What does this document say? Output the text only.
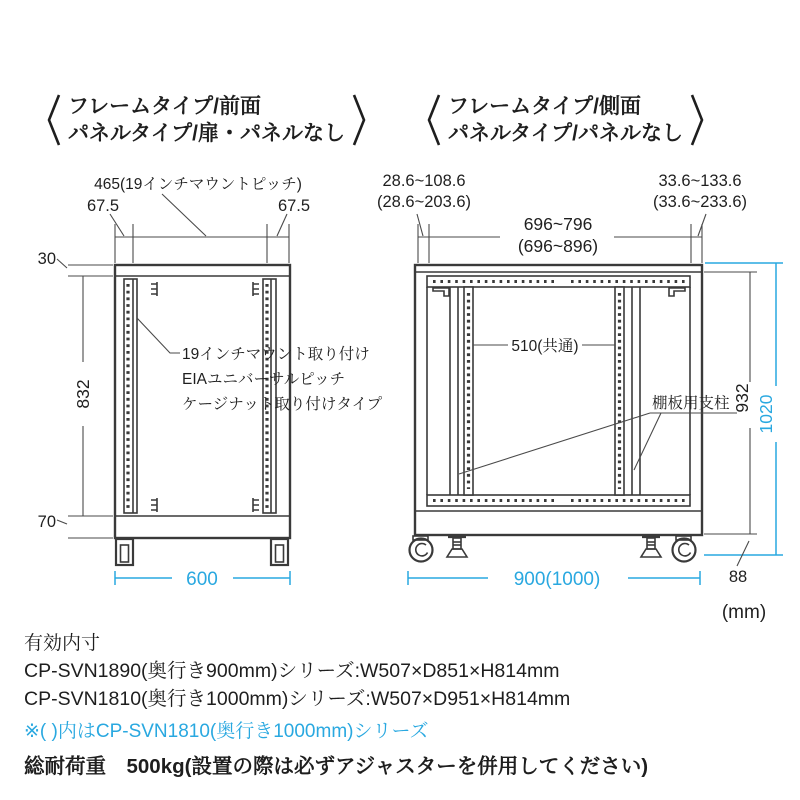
フレームタイプ/前面
パネルタイプ/扉・パネルなし
フレームタイプ/側面
パネルタイプ/パネルなし
465(19インチマウントピッチ)
67.5	67.5
30
70
832
19インチマウント取り付け
EIAユニバーサルピッチ
ケージナット取り付けタイプ
600
28.6~108.6
(28.6~203.6)
33.6~133.6
(33.6~233.6)
696~796
(696~896)
510(共通)
棚板用支柱 932 1020
88
(mm)
900(1000)
有効内寸
CP-SVN1890(奥行き900mm)シリーズ:W507×D851×H814mm
CP-SVN1810(奥行き1000mm)シリーズ:W507×D951×H814mm
※( )内はCP-SVN1810(奥行き1000mm)シリーズ
総耐荷重　500kg(設置の際は必ずアジャスターを併用してください)
